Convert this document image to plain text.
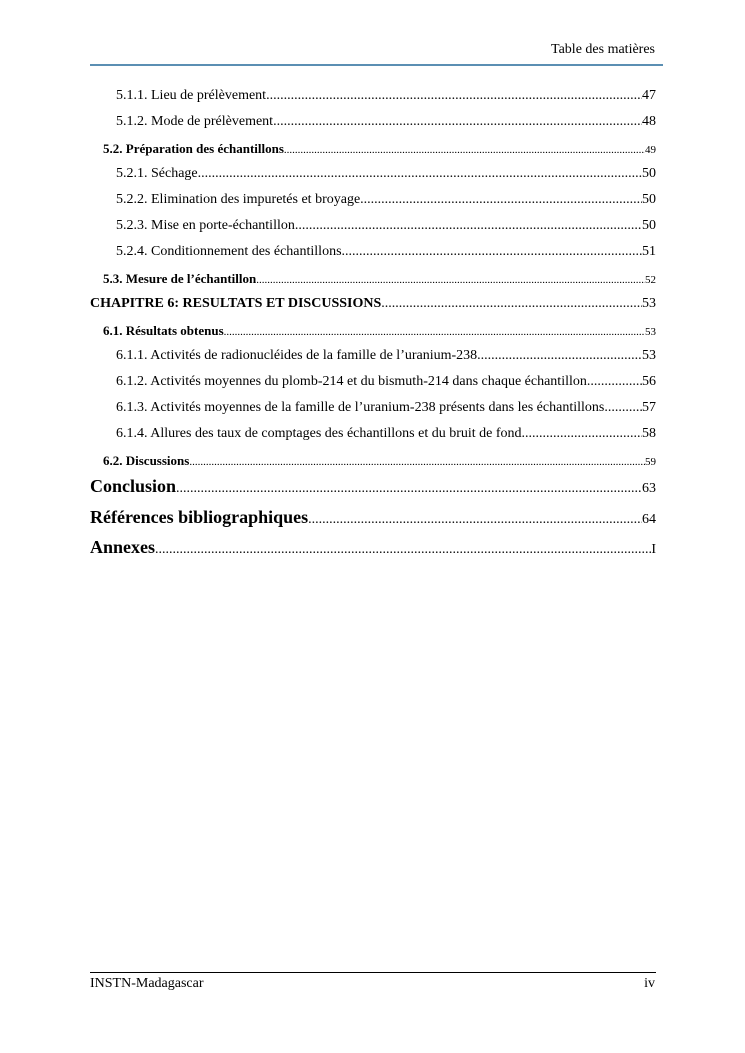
Table des matières
5.1.1. Lieu de prélèvement .....	47
5.1.2. Mode de prélèvement .....	48
5.2. Préparation des échantillons .....	49
5.2.1. Séchage .....	50
5.2.2. Elimination des impuretés et broyage .....	50
5.2.3. Mise en porte-échantillon .....	50
5.2.4. Conditionnement des échantillons .....	51
5.3. Mesure de l’échantillon .....	52
CHAPITRE 6: RESULTATS ET DISCUSSIONS .....	53
6.1. Résultats obtenus .....	53
6.1.1. Activités de radionucléides de la famille de l’uranium-238 .....	53
6.1.2. Activités moyennes du plomb-214 et du bismuth-214 dans chaque échantillon .....	56
6.1.3. Activités moyennes de la famille de l’uranium-238 présents dans les échantillons .....	57
6.1.4. Allures des taux de comptages des échantillons et du bruit de fond .....	58
6.2. Discussions .....	59
Conclusion .....	63
Références bibliographiques .....	64
Annexes .....	I
INSTN-Madagascar	iv
